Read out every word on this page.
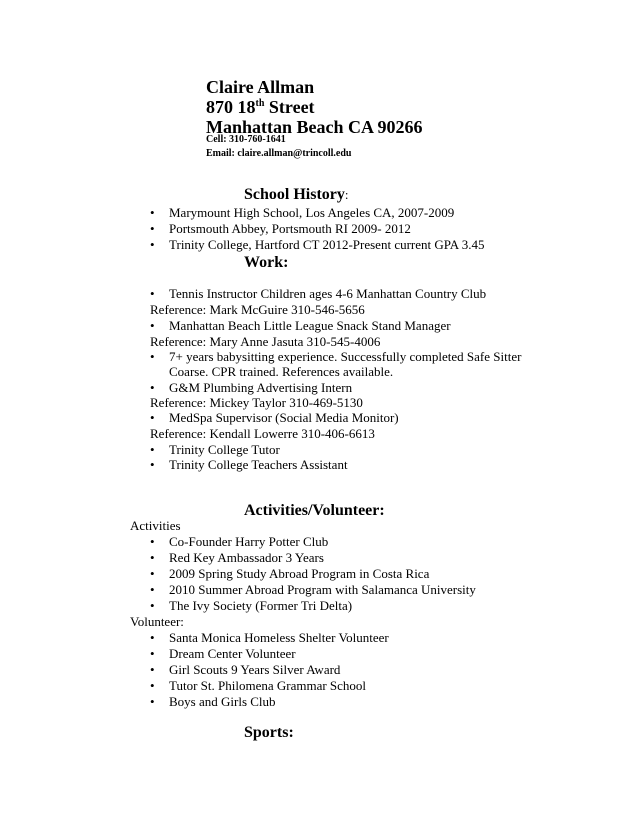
Claire Allman
870 18th Street
Manhattan Beach CA 90266
Cell: 310-760-1641
Email: claire.allman@trincoll.edu
School History:
• Marymount High School, Los Angeles CA, 2007-2009
• Portsmouth Abbey, Portsmouth RI 2009- 2012
• Trinity College, Hartford CT 2012-Present current GPA 3.45
Work:
• Tennis Instructor Children ages 4-6 Manhattan Country Club
Reference: Mark McGuire 310-546-5656
• Manhattan Beach Little League Snack Stand Manager
Reference: Mary Anne Jasuta 310-545-4006
• 7+ years babysitting experience. Successfully completed Safe Sitter
Coarse. CPR trained. References available.
• G&M Plumbing Advertising Intern
Reference: Mickey Taylor 310-469-5130
• MedSpa Supervisor (Social Media Monitor)
Reference: Kendall Lowerre 310-406-6613
• Trinity College Tutor
• Trinity College Teachers Assistant
Activities/Volunteer:
Activities
• Co-Founder Harry Potter Club
• Red Key Ambassador 3 Years
• 2009 Spring Study Abroad Program in Costa Rica
• 2010 Summer Abroad Program with Salamanca University
• The Ivy Society (Former Tri Delta)
Volunteer:
• Santa Monica Homeless Shelter Volunteer
• Dream Center Volunteer
• Girl Scouts 9 Years Silver Award
• Tutor St. Philomena Grammar School
• Boys and Girls Club
Sports:
